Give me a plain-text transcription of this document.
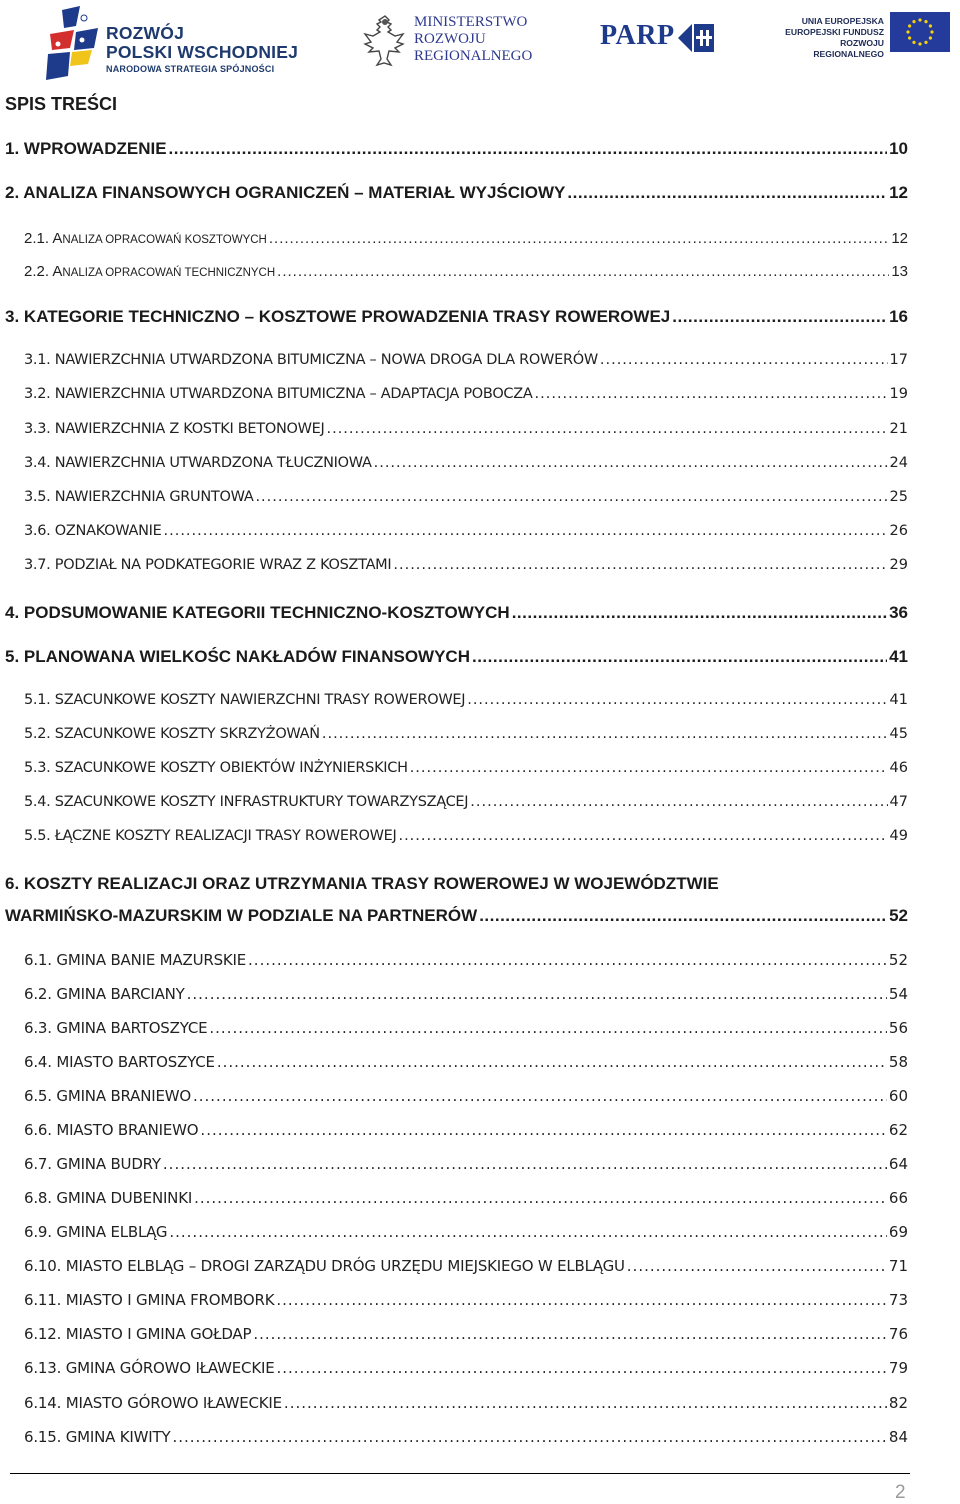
ROZWÓJ
POLSKI WSCHODNIEJ
NARODOWA STRATEGIA SPÓJNOŚCI
MINISTERSTWO
ROZWOJU
REGIONALNEGO
PARP	UNIA EUROPEJSKA
EUROPEJSKI FUNDUSZ
ROZWOJU REGIONALNEGO
SPIS TREŚCI
1. WPROWADZENIE .....	10
2. ANALIZA FINANSOWYCH OGRANICZEŃ – MATERIAŁ WYJŚCIOWY .....	12
2.1. ANALIZA OPRACOWAŃ KOSZTOWYCH .....	12
2.2. ANALIZA OPRACOWAŃ TECHNICZNYCH .....	13
3. KATEGORIE TECHNICZNO – KOSZTOWE PROWADZENIA TRASY ROWEROWEJ .....	16
3.1. NAWIERZCHNIA UTWARDZONA BITUMICZNA – NOWA DROGA DLA ROWERÓW .....	17
3.2. NAWIERZCHNIA UTWARDZONA BITUMICZNA – ADAPTACJA POBOCZA .....	19
3.3. NAWIERZCHNIA Z KOSTKI BETONOWEJ .....	21
3.4. NAWIERZCHNIA UTWARDZONA TŁUCZNIOWA .....	24
3.5. NAWIERZCHNIA GRUNTOWA .....	25
3.6. OZNAKOWANIE .....	26
3.7. PODZIAŁ NA PODKATEGORIE WRAZ Z KOSZTAMI .....	29
4. PODSUMOWANIE KATEGORII TECHNICZNO-KOSZTOWYCH .....	36
5. PLANOWANA WIELKOŚC NAKŁADÓW FINANSOWYCH .....	41
5.1. SZACUNKOWE KOSZTY NAWIERZCHNI TRASY ROWEROWEJ .....	41
5.2. SZACUNKOWE KOSZTY SKRZYŻOWAŃ .....	45
5.3. SZACUNKOWE KOSZTY OBIEKTÓW INŻYNIERSKICH .....	46
5.4. SZACUNKOWE KOSZTY INFRASTRUKTURY TOWARZYSZĄCEJ .....	47
5.5. ŁĄCZNE KOSZTY REALIZACJI TRASY ROWEROWEJ .....	49
6. KOSZTY REALIZACJI ORAZ UTRZYMANIA TRASY ROWEROWEJ W WOJEWÓDZTWIE
WARMIŃSKO-MAZURSKIM W PODZIALE NA PARTNERÓW .....	52
6.1. GMINA BANIE MAZURSKIE .....	52
6.2. GMINA BARCIANY .....	54
6.3. GMINA BARTOSZYCE .....	56
6.4. MIASTO BARTOSZYCE .....	58
6.5. GMINA BRANIEWO .....	60
6.6. MIASTO BRANIEWO .....	62
6.7. GMINA BUDRY .....	64
6.8. GMINA DUBENINKI .....	66
6.9. GMINA ELBLĄG .....	69
6.10. MIASTO ELBLĄG – DROGI ZARZĄDU DRÓG URZĘDU MIEJSKIEGO W ELBLĄGU .....	71
6.11. MIASTO I GMINA FROMBORK .....	73
6.12. MIASTO I GMINA GOŁDAP .....	76
6.13. GMINA GÓROWO IŁAWECKIE .....	79
6.14. MIASTO GÓROWO IŁAWECKIE .....	82
6.15. GMINA KIWITY .....	84
2
